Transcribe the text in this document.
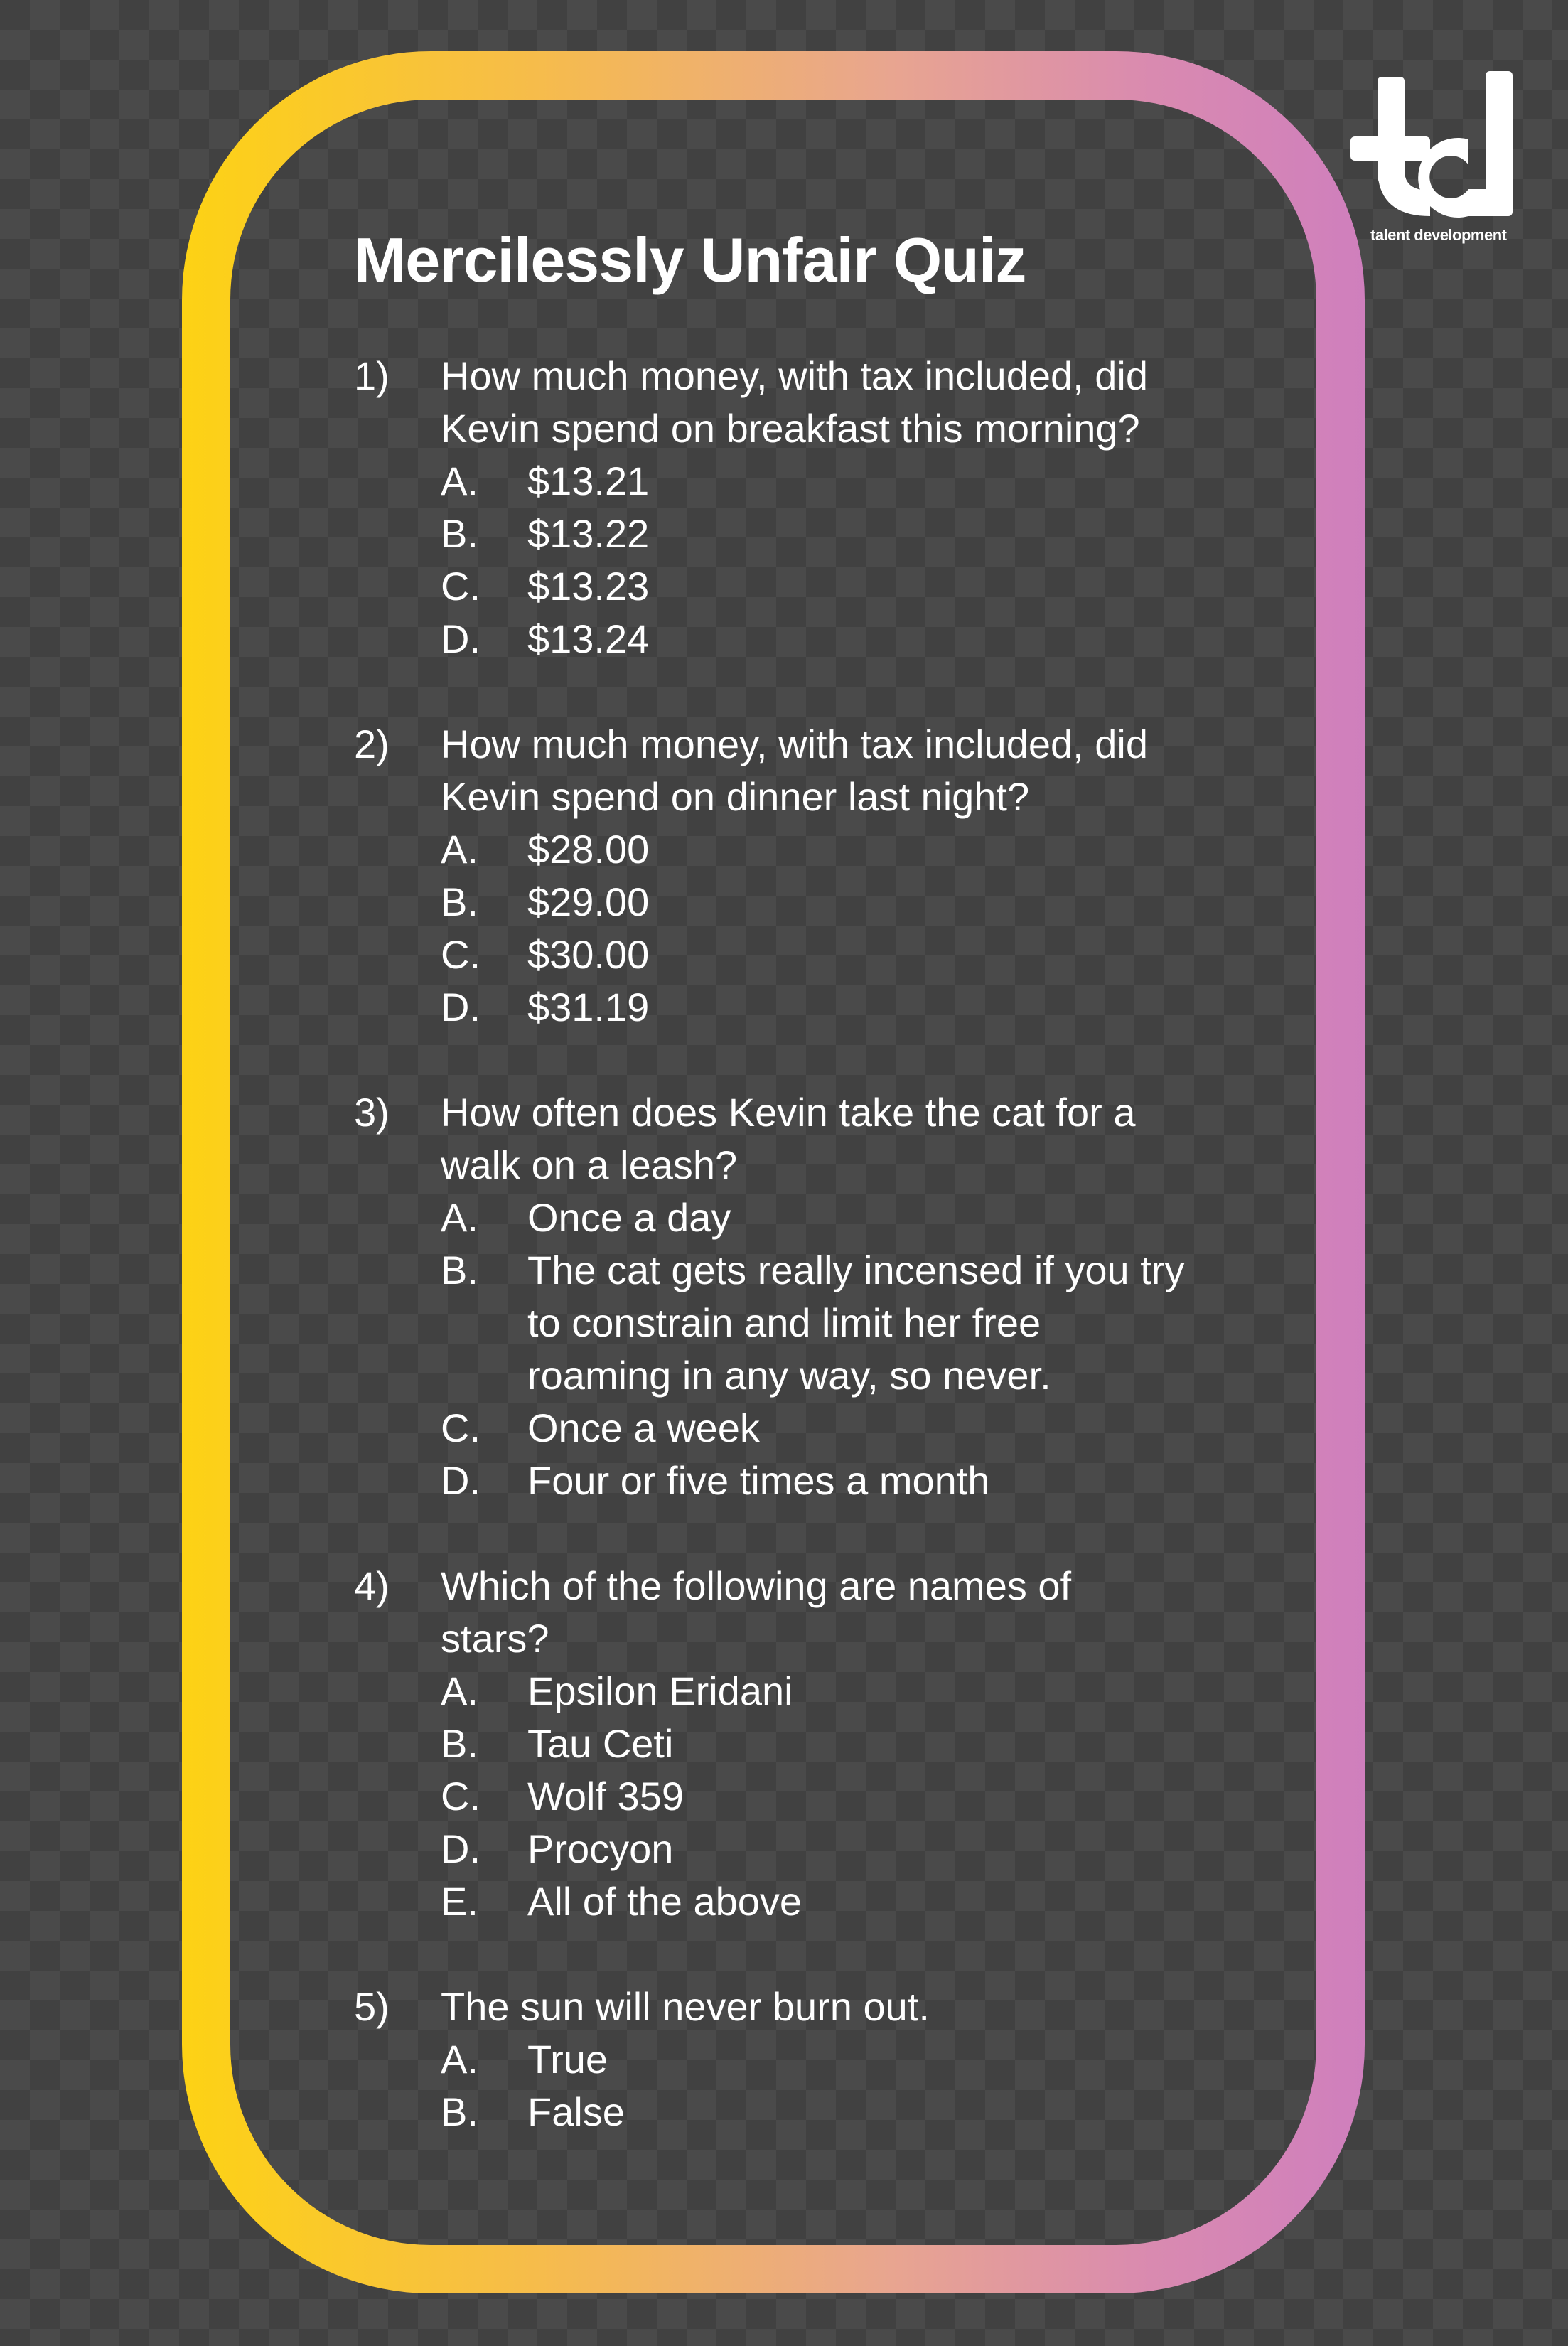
talent development
Mercilessly Unfair Quiz
1)	How much money, with tax included, did Kevin spend on breakfast this morning?
A.	$13.21
B.	$13.22
C.	$13.23
D.	$13.24
2)	How much money, with tax included, did Kevin spend on dinner last night?
A.	$28.00
B.	$29.00
C.	$30.00
D.	$31.19
3)	How often does Kevin take the cat for a walk on a leash?
A.	Once a day
B.	The cat gets really incensed if you try to constrain and limit her free roaming in any way, so never.
C.	Once a week
D.	Four or five times a month
4)	Which of the following are names of stars?
A.	Epsilon Eridani
B.	Tau Ceti
C.	Wolf 359
D.	Procyon
E.	All of the above
5)	The sun will never burn out.
A.	True
B.	False
